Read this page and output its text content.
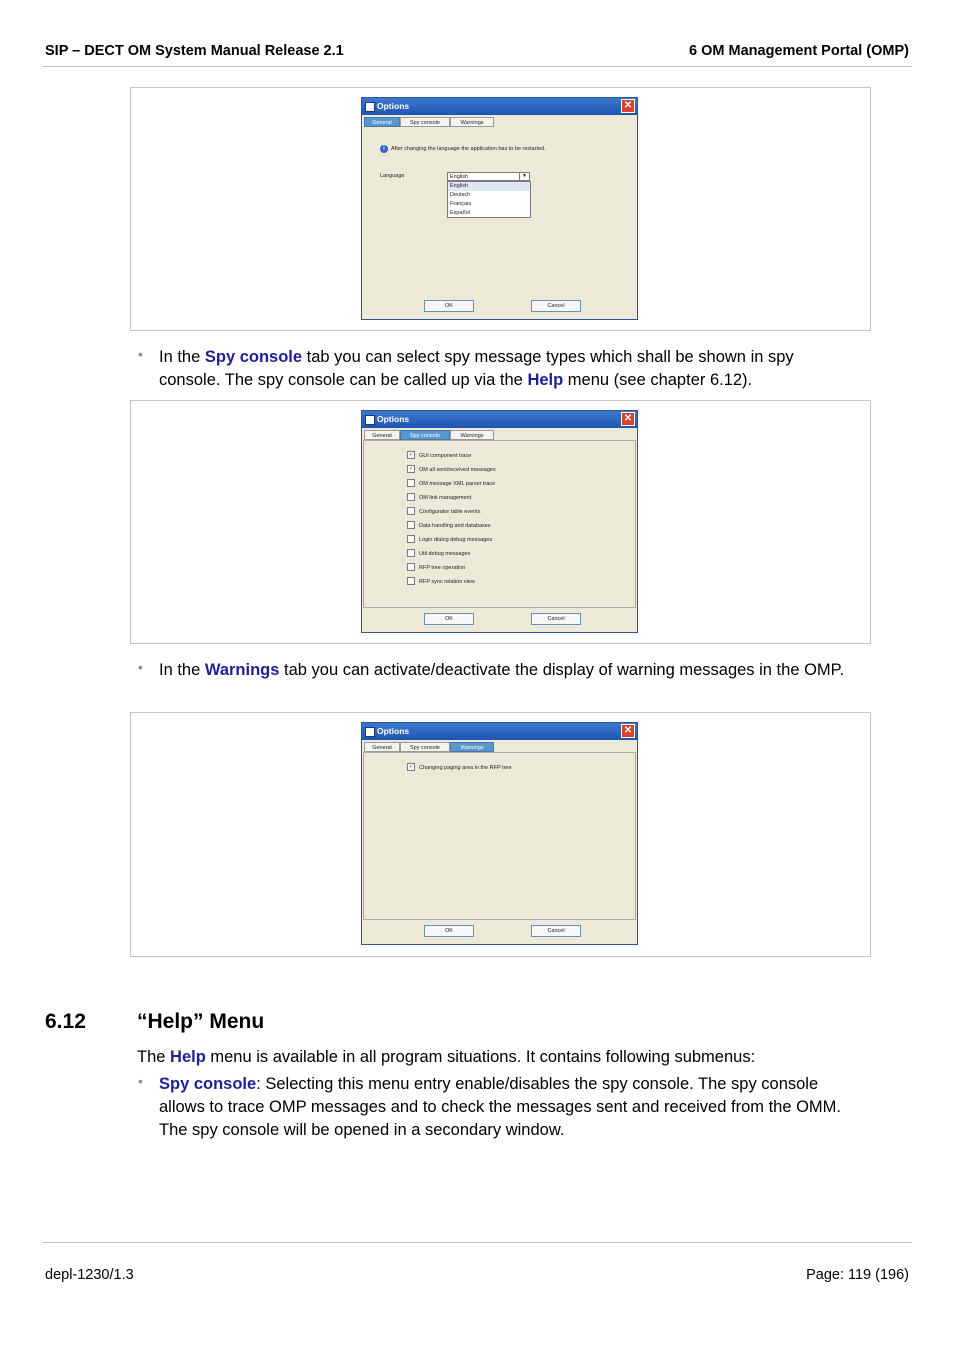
SIP – DECT OM System Manual Release 2.1	6 OM Management Portal (OMP)
Options	✕
General	Spy console	Warnings
i	After changing the language the application has to be restarted.
Language	English	▼
English
Deutsch
Français
Español
OK	Cancel
• In the Spy console tab you can select spy message types which shall be shown in spy console. The spy console can be called up via the Help menu (see chapter 6.12).
Options	✕
General	Spy console	Warnings
✓ GUI component trace
✓ OM all sent/received messages
OM message XML parser trace
OM link management
Configurator table events
Data handling and databases
Login dialog debug messages
Util debug messages
RFP tree operation
RFP sync relation view
OK	Cancel
• In the Warnings tab you can activate/deactivate the display of warning messages in the OMP.
Options	✕
General	Spy console	Warnings
✓ Changing paging area in the RFP tree
OK	Cancel
6.12 “Help” Menu
The Help menu is available in all program situations. It contains following submenus:
• Spy console: Selecting this menu entry enable/disables the spy console. The spy console allows to trace OMP messages and to check the messages sent and received from the OMM. The spy console will be opened in a secondary window.
depl-1230/1.3	Page: 119 (196)
